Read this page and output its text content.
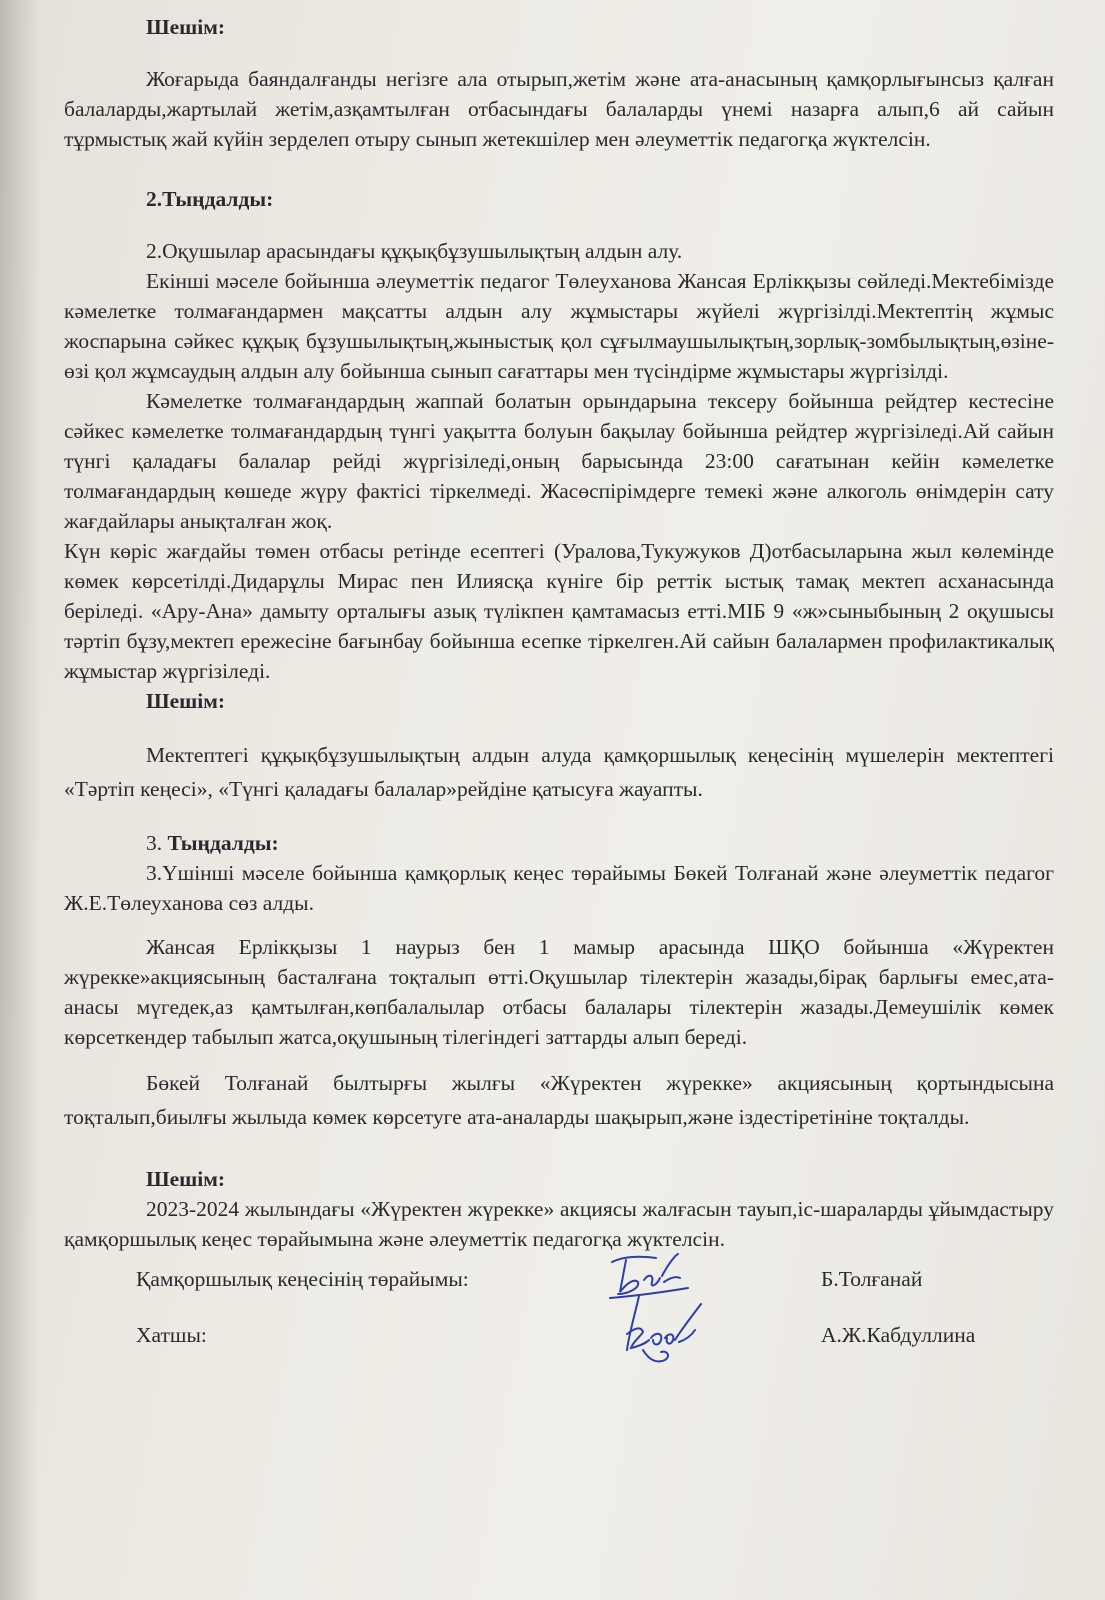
Шешім:

Жоғарыда баяндалғанды негізге ала отырып,жетім және ата-анасының қамқорлығынсыз қалған балаларды,жартылай жетім,азқамтылған отбасындағы балаларды үнемі назарға алып,6 ай сайын тұрмыстық жай күйін зерделеп отыру сынып жетекшілер мен әлеуметтік педагогқа жүктелсін.

2.Тыңдалды:

2.Оқушылар арасындағы құқықбұзушылықтың алдын алу.

Екінші мәселе бойынша әлеуметтік педагог Төлеуханова Жансая Ерлікқызы сөйледі.Мектебімізде кәмелетке толмағандармен мақсатты алдын алу жұмыстары жүйелі жүргізілді.Мектептің жұмыс жоспарына сәйкес құқық бұзушылықтың,жыныстық қол сұғылмаушылықтың,зорлық-зомбылықтың,өзіне-өзі қол жұмсаудың алдын алу бойынша сынып сағаттары мен түсіндірме жұмыстары жүргізілді.

Кәмелетке толмағандардың жаппай болатын орындарына тексеру бойынша рейдтер кестесіне сәйкес кәмелетке толмағандардың түнгі уақытта болуын бақылау бойынша рейдтер жүргізіледі.Ай сайын түнгі қаладағы балалар рейді жүргізіледі,оның барысында 23:00 сағатынан кейін кәмелетке толмағандардың көшеде жүру фактісі тіркелмеді. Жасөспірімдерге темекі және алкоголь өнімдерін сату жағдайлары анықталған жоқ.

Күн көріс жағдайы төмен отбасы ретінде есептегі (Уралова,Тукужуков Д)отбасыларына жыл көлемінде көмек көрсетілді.Дидарұлы Мирас пен Илиясқа күніге бір реттік ыстық тамақ мектеп асханасында беріледі. «Ару-Ана» дамыту орталығы азық түлікпен қамтамасыз етті.МІБ 9 «ж»сыныбының 2 оқушысы тәртіп бұзу,мектеп ережесіне бағынбау бойынша есепке тіркелген.Ай сайын балалармен профилактикалық жұмыстар жүргізіледі.

Шешім:

Мектептегі құқықбұзушылықтың алдын алуда қамқоршылық кеңесінің мүшелерін мектептегі «Тәртіп кеңесі», «Түнгі қаладағы балалар»рейдіне қатысуға жауапты.

3. Тыңдалды:

3.Үшінші мәселе бойынша қамқорлық кеңес төрайымы Бөкей Толғанай және әлеуметтік педагог Ж.Е.Төлеуханова сөз алды.

Жансая Ерлікқызы 1 наурыз бен 1 мамыр арасында ШҚО бойынша «Жүректен жүрекке»акциясының басталғана тоқталып өтті.Оқушылар тілектерін жазады,бірақ барлығы емес,ата-анасы мүгедек,аз қамтылған,көпбалалылар отбасы балалары тілектерін жазады.Демеушілік көмек көрсеткендер табылып жатса,оқушының тілегіндегі заттарды алып береді.

Бөкей Толғанай былтырғы жылғы «Жүректен жүрекке» акциясының қортындысына тоқталып,биылғы жылыда көмек көрсетуге ата-аналарды шақырып,және іздестіретініне тоқталды.

Шешім:

2023-2024 жылындағы «Жүректен жүрекке» акциясы жалғасын тауып,іс-шараларды ұйымдастыру қамқоршылық кеңес төрайымына және әлеуметтік педагогқа жүктелсін.

Қамқоршылық кеңесінің төрайымы:	Б.Толғанай
Хатшы:	А.Ж.Кабдуллина
